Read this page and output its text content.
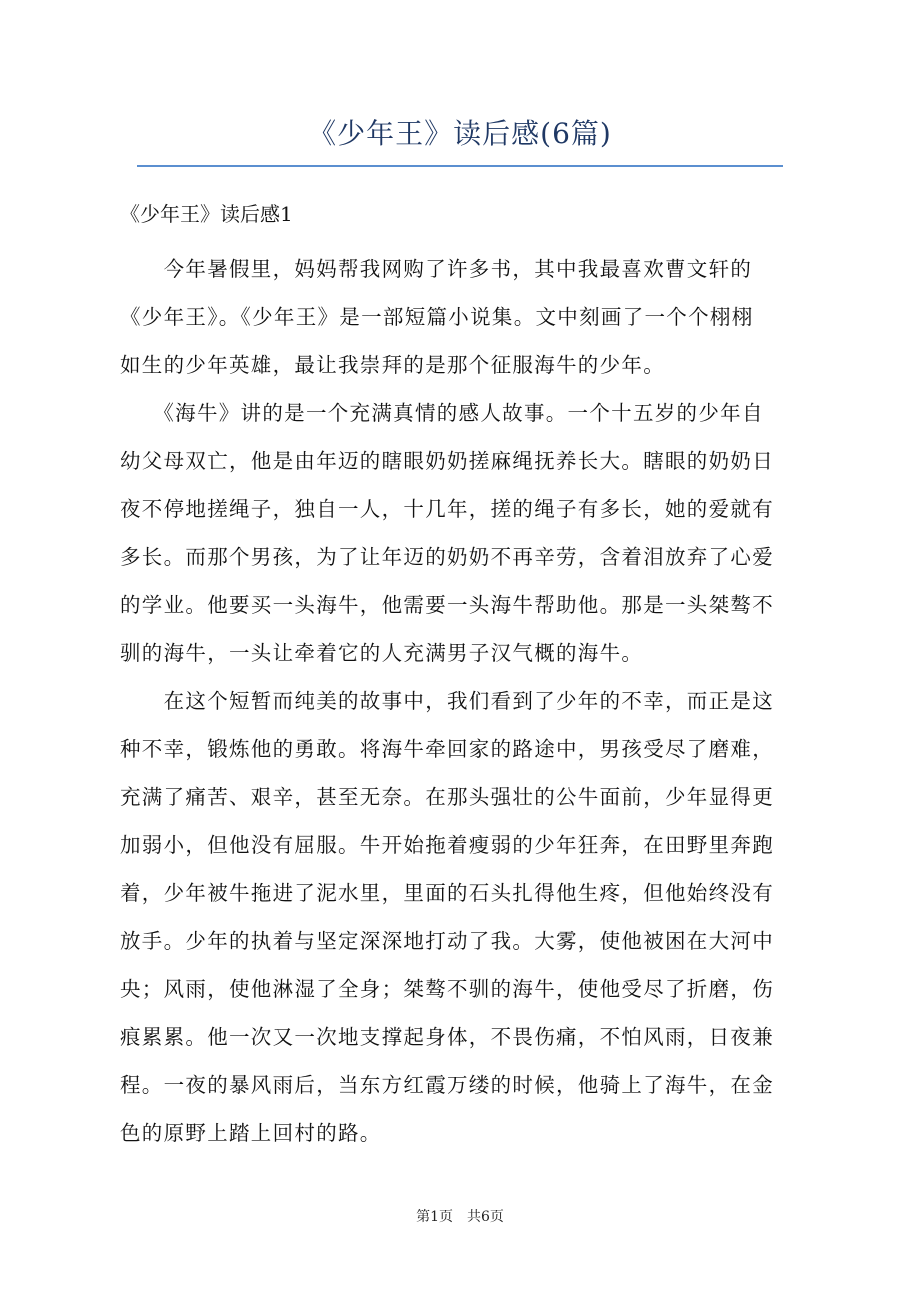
《少年王》读后感(6篇)
《少年王》读后感1
　　今年暑假里，妈妈帮我网购了许多书，其中我最喜欢曹文轩的
《少年王》。《少年王》是一部短篇小说集。文中刻画了一个个栩栩
如生的少年英雄，最让我崇拜的是那个征服海牛的少年。
　　《海牛》讲的是一个充满真情的感人故事。一个十五岁的少年自
幼父母双亡，他是由年迈的瞎眼奶奶搓麻绳抚养长大。瞎眼的奶奶日
夜不停地搓绳子，独自一人，十几年，搓的绳子有多长，她的爱就有
多长。而那个男孩，为了让年迈的奶奶不再辛劳，含着泪放弃了心爱
的学业。他要买一头海牛，他需要一头海牛帮助他。那是一头桀骜不
驯的海牛，一头让牵着它的人充满男子汉气概的海牛。
　　在这个短暂而纯美的故事中，我们看到了少年的不幸，而正是这
种不幸，锻炼他的勇敢。将海牛牵回家的路途中，男孩受尽了磨难，
充满了痛苦、艰辛，甚至无奈。在那头强壮的公牛面前，少年显得更
加弱小，但他没有屈服。牛开始拖着瘦弱的少年狂奔，在田野里奔跑
着，少年被牛拖进了泥水里，里面的石头扎得他生疼，但他始终没有
放手。少年的执着与坚定深深地打动了我。大雾，使他被困在大河中
央；风雨，使他淋湿了全身；桀骜不驯的海牛，使他受尽了折磨，伤
痕累累。他一次又一次地支撑起身体，不畏伤痛，不怕风雨，日夜兼
程。一夜的暴风雨后，当东方红霞万缕的时候，他骑上了海牛，在金
色的原野上踏上回村的路。
第1页　共6页
